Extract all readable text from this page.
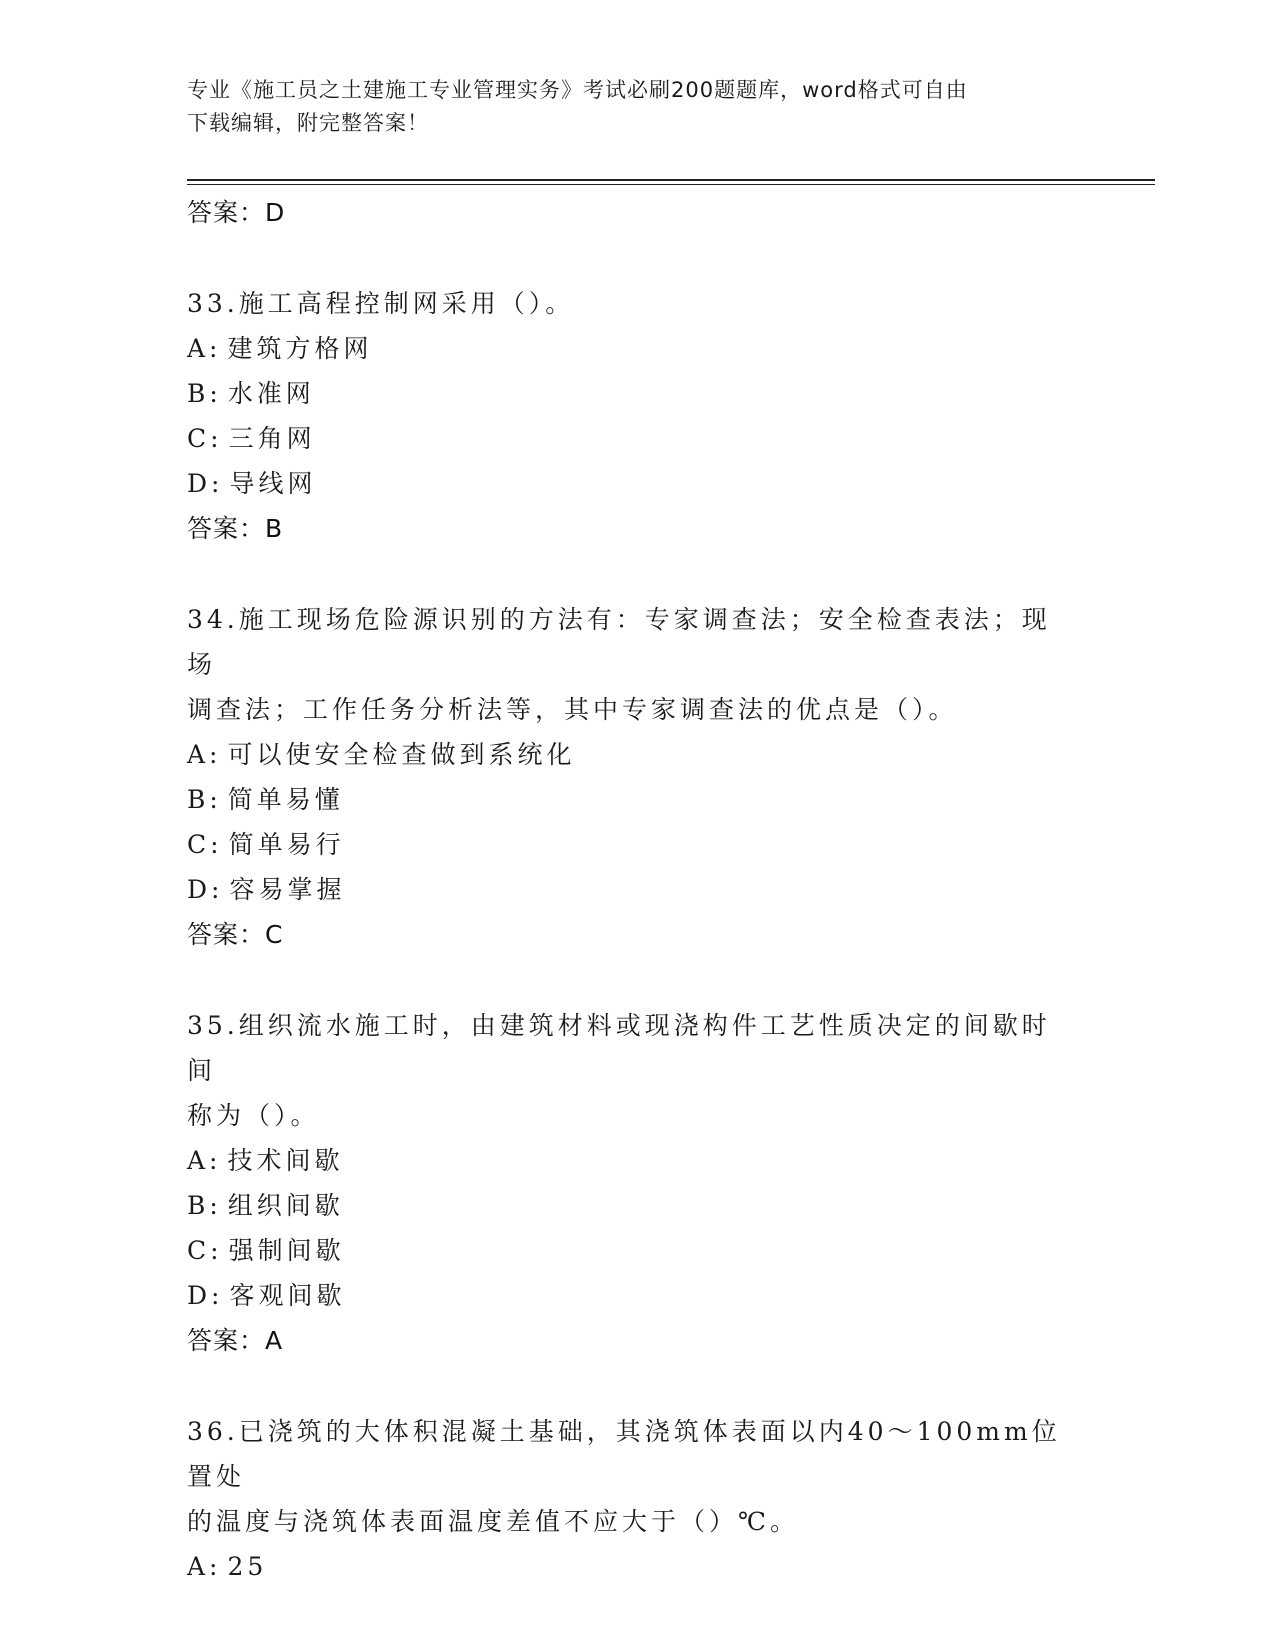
专业《施工员之土建施工专业管理实务》考试必刷200题题库，word格式可自由
下载编辑，附完整答案！
答案：D
33.施工高程控制网采用（）。
A: 建筑方格网
B: 水准网
C: 三角网
D: 导线网
答案：B
34.施工现场危险源识别的方法有：专家调查法；安全检查表法；现场
调查法；工作任务分析法等，其中专家调查法的优点是（）。
A: 可以使安全检查做到系统化
B: 简单易懂
C: 简单易行
D: 容易掌握
答案：C
35.组织流水施工时，由建筑材料或现浇构件工艺性质决定的间歇时间
称为（）。
A: 技术间歇
B: 组织间歇
C: 强制间歇
D: 客观间歇
答案：A
36.已浇筑的大体积混凝土基础，其浇筑体表面以内40～100mm位置处
的温度与浇筑体表面温度差值不应大于（）℃。
A: 25
